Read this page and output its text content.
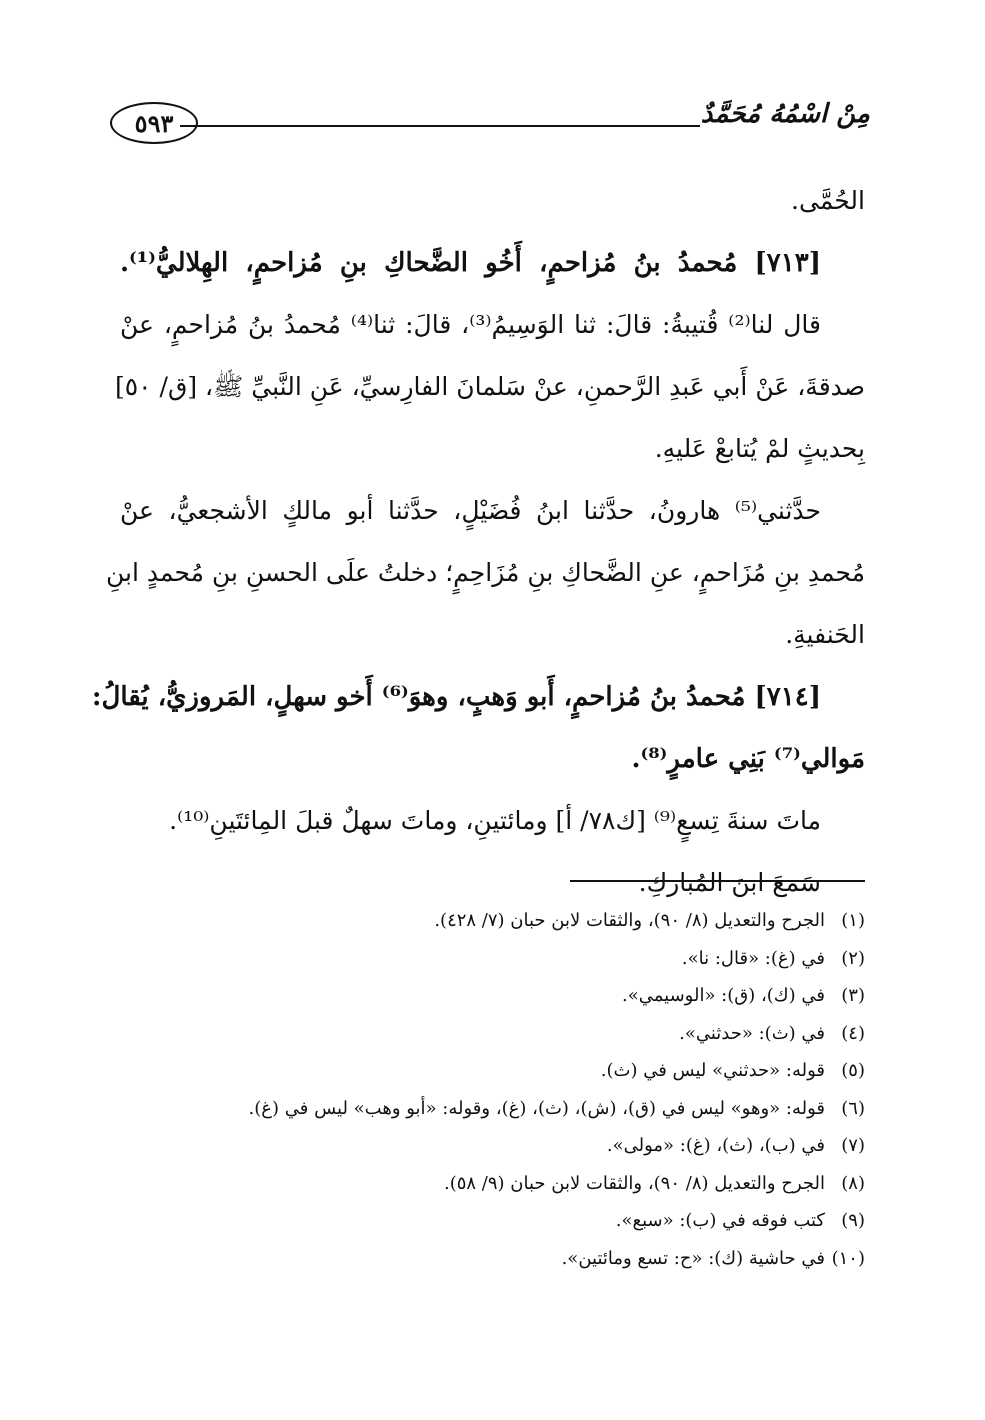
٥٩٣	مِنْ اسْمُهُ مُحَمَّدٌ
الحُمَّى.
[٧١٣] مُحمدُ بنُ مُزاحمٍ، أَخُو الضَّحاكِ بنِ مُزاحمٍ، الهِلاليُّ⁽¹⁾.
قال لنا⁽²⁾ قُتيبةُ: قالَ: ثنا الوَسِيمُ⁽³⁾، قالَ: ثنا⁽⁴⁾ مُحمدُ بنُ مُزاحمٍ، عنْ
صدقةَ، عَنْ أَبي عَبدِ الرَّحمنِ، عنْ سَلمانَ الفارِسيِّ، عَنِ النَّبيِّ ﷺ، [ق/ ٥٠]
بِحديثٍ لمْ يُتابعْ عَليهِ.
حدَّثني⁽⁵⁾ هارونُ، حدَّثنا ابنُ فُضَيْلٍ، حدَّثنا أبو مالكٍ الأشجعيُّ، عنْ
مُحمدِ بنِ مُزَاحمٍ، عنِ الضَّحاكِ بنِ مُزَاحِمٍ؛ دخلتُ علَى الحسنِ بنِ مُحمدٍ ابنِ
الحَنفيةِ.
[٧١٤] مُحمدُ بنُ مُزاحمٍ، أَبو وَهبٍ، وهوَ⁽⁶⁾ أَخو سهلٍ، المَروزيُّ، يُقالُ:
مَوالي⁽⁷⁾ بَنِي عامرٍ⁽⁸⁾.
ماتَ سنةَ تِسعٍ⁽⁹⁾ [ك٧٨/ أ] ومائتينِ، وماتَ سهلٌ قبلَ المِائتَينِ⁽¹⁰⁾.
سَمعَ ابنَ المُباركِ.
(١)الجرح والتعديل (٨/ ٩٠)، والثقات لابن حبان (٧/ ٤٢٨).
(٢)في (غ): «قال: نا».
(٣)في (ك)، (ق): «الوسيمي».
(٤)في (ث): «حدثني».
(٥)قوله: «حدثني» ليس في (ث).
(٦)قوله: «وهو» ليس في (ق)، (ش)، (ث)، (غ)، وقوله: «أبو وهب» ليس في (غ).
(٧)في (ب)، (ث)، (غ): «مولى».
(٨)الجرح والتعديل (٨/ ٩٠)، والثقات لابن حبان (٩/ ٥٨).
(٩)كتب فوقه في (ب): «سبع».
(١٠)في حاشية (ك): «ح: تسع ومائتين».
